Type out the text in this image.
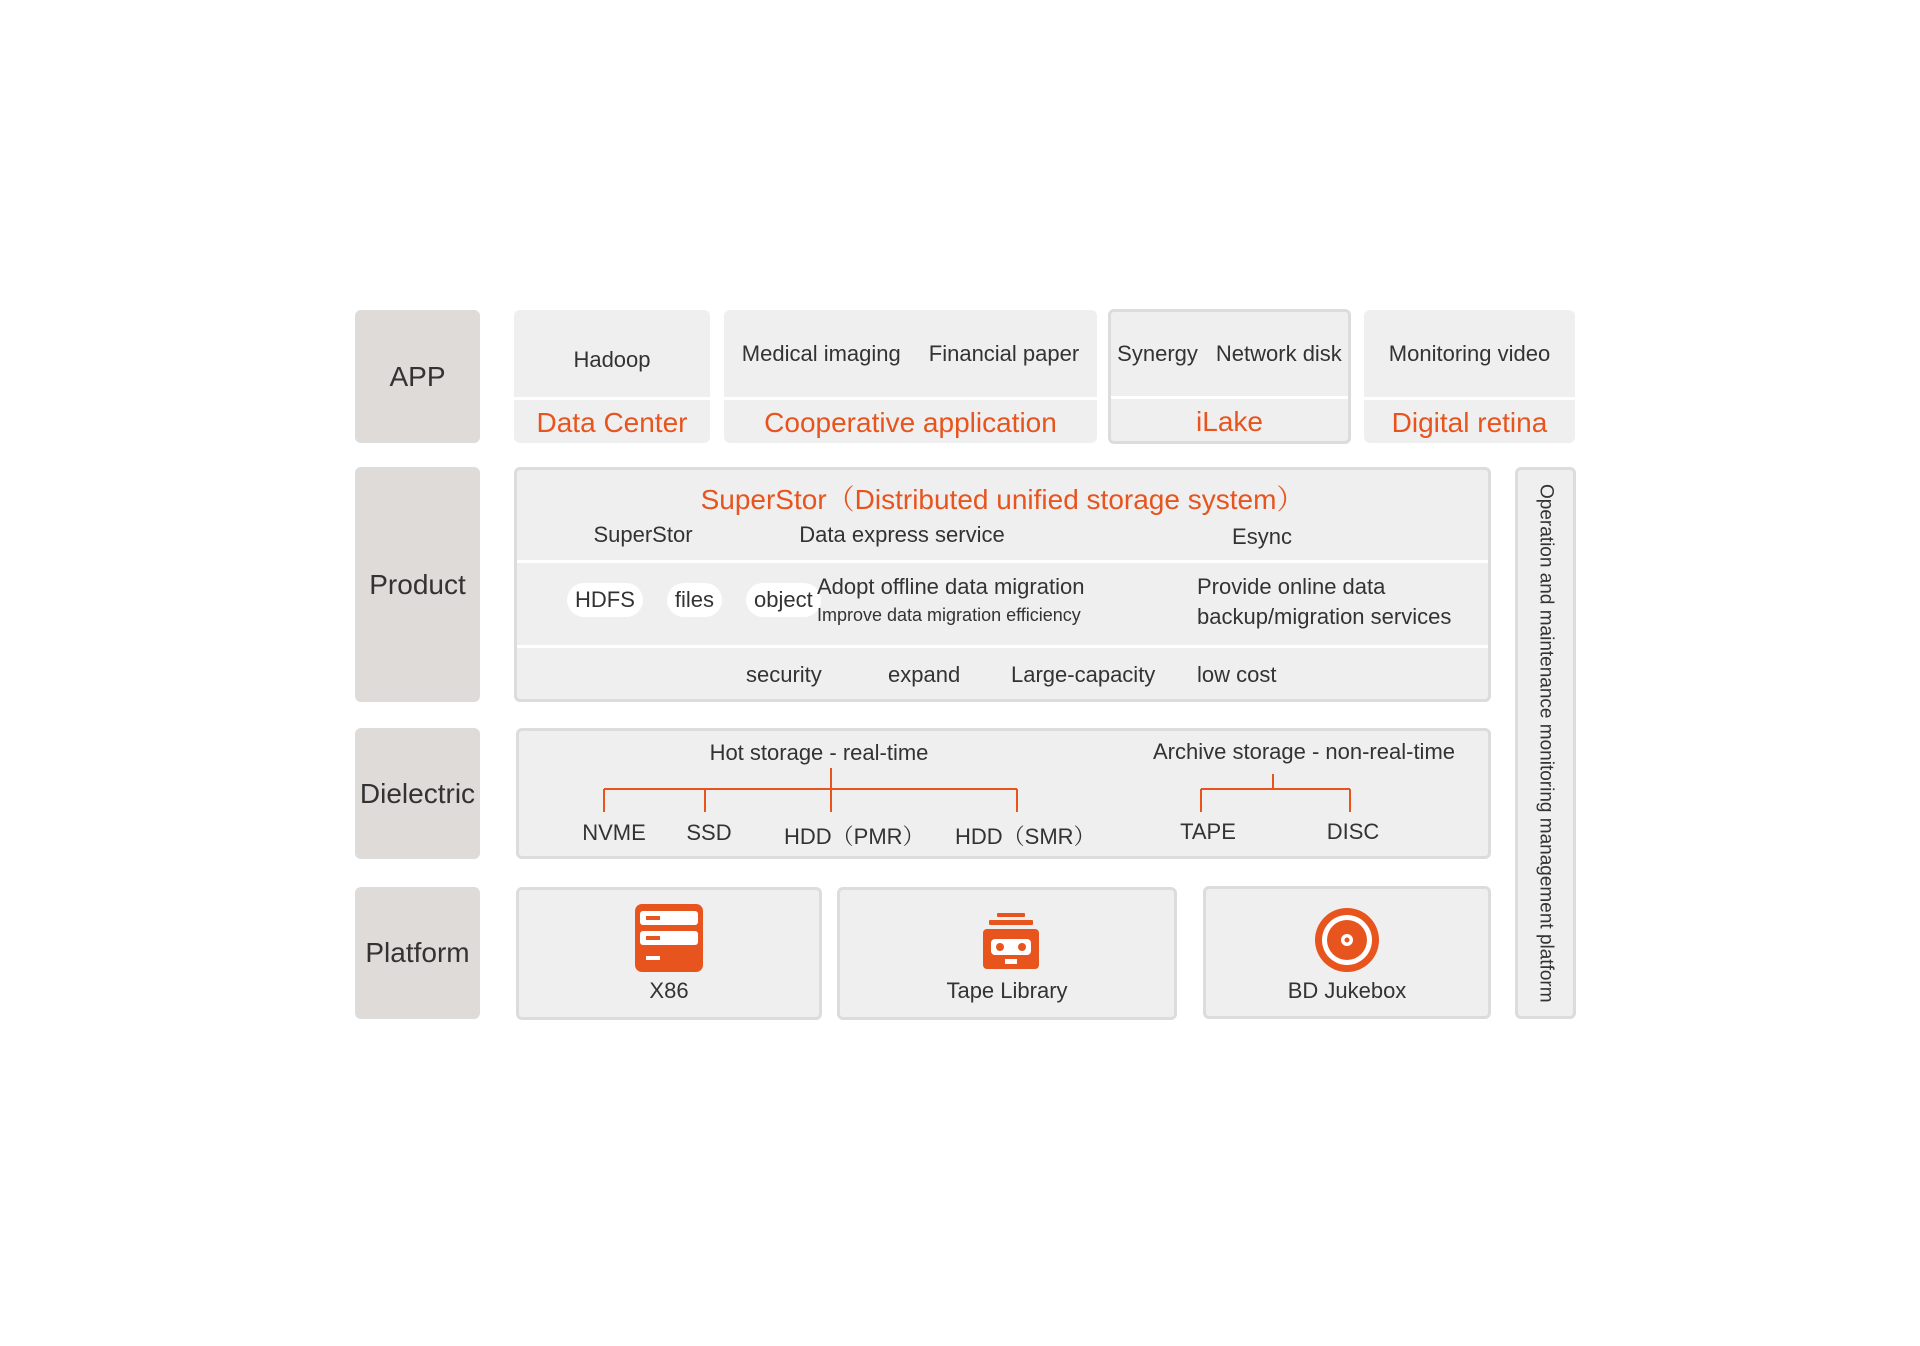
APP
Product
Dielectric
Platform
Hadoop
Data Center
Medical imaging Financial paper
Cooperative application
Synergy Network disk
iLake
Monitoring video
Digital retina
SuperStor（Distributed unified storage system）
SuperStor	Data express service	Esync
HDFS	files	object
Adopt offline data migration
Improve data migration efficiency
Provide online data
backup/migration services
security	expand Large-capacity low cost
Hot storage - real-time	Archive storage - non-real-time
NVME	SSD	HDD（PMR） HDD（SMR）	TAPE	DISC
X86	Tape Library	BD Jukebox	Operation and maintenance monitoring management platform
